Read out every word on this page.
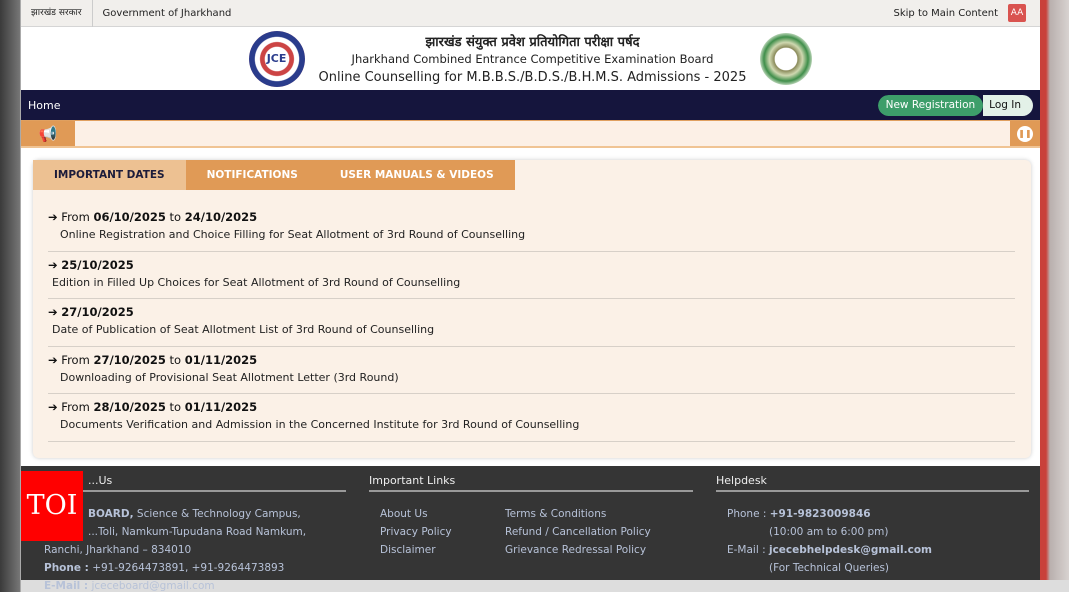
झारखंड सरकार	Government of Jharkhand	Skip to Main Content	AA
JCE
झारखंड संयुक्त प्रवेश प्रतियोगिता परीक्षा पर्षद
Jharkhand Combined Entrance Competitive Examination Board
Online Counselling for M.B.B.S./B.D.S./B.H.M.S. Admissions - 2025
Home	New Registration	Log In
📢	❚❚
IMPORTANT DATES	NOTIFICATIONS	USER MANUALS & VIDEOS
➔ From 06/10/2025 to 24/10/2025
Online Registration and Choice Filling for Seat Allotment of 3rd Round of Counselling
➔ 25/10/2025
Edition in Filled Up Choices for Seat Allotment of 3rd Round of Counselling
➔ 27/10/2025
Date of Publication of Seat Allotment List of 3rd Round of Counselling
➔ From 27/10/2025 to 01/11/2025
Downloading of Provisional Seat Allotment Letter (3rd Round)
➔ From 28/10/2025 to 01/11/2025
Documents Verification and Admission in the Concerned Institute for 3rd Round of Counselling
...Us
BOARD, Science & Technology Campus,
...Toli, Namkum-Tupudana Road Namkum,
Ranchi, Jharkhand – 834010
Phone : +91-9264473891, +91-9264473893
E-Mail : jceceboard@gmail.com
Important Links
About Us
Privacy Policy
Disclaimer
Terms & Conditions
Refund / Cancellation Policy
Grievance Redressal Policy
Helpdesk
Phone : +91-9823009846
(10:00 am to 6:00 pm)
E-Mail : jcecebhelpdesk@gmail.com
(For Technical Queries)
TOI
